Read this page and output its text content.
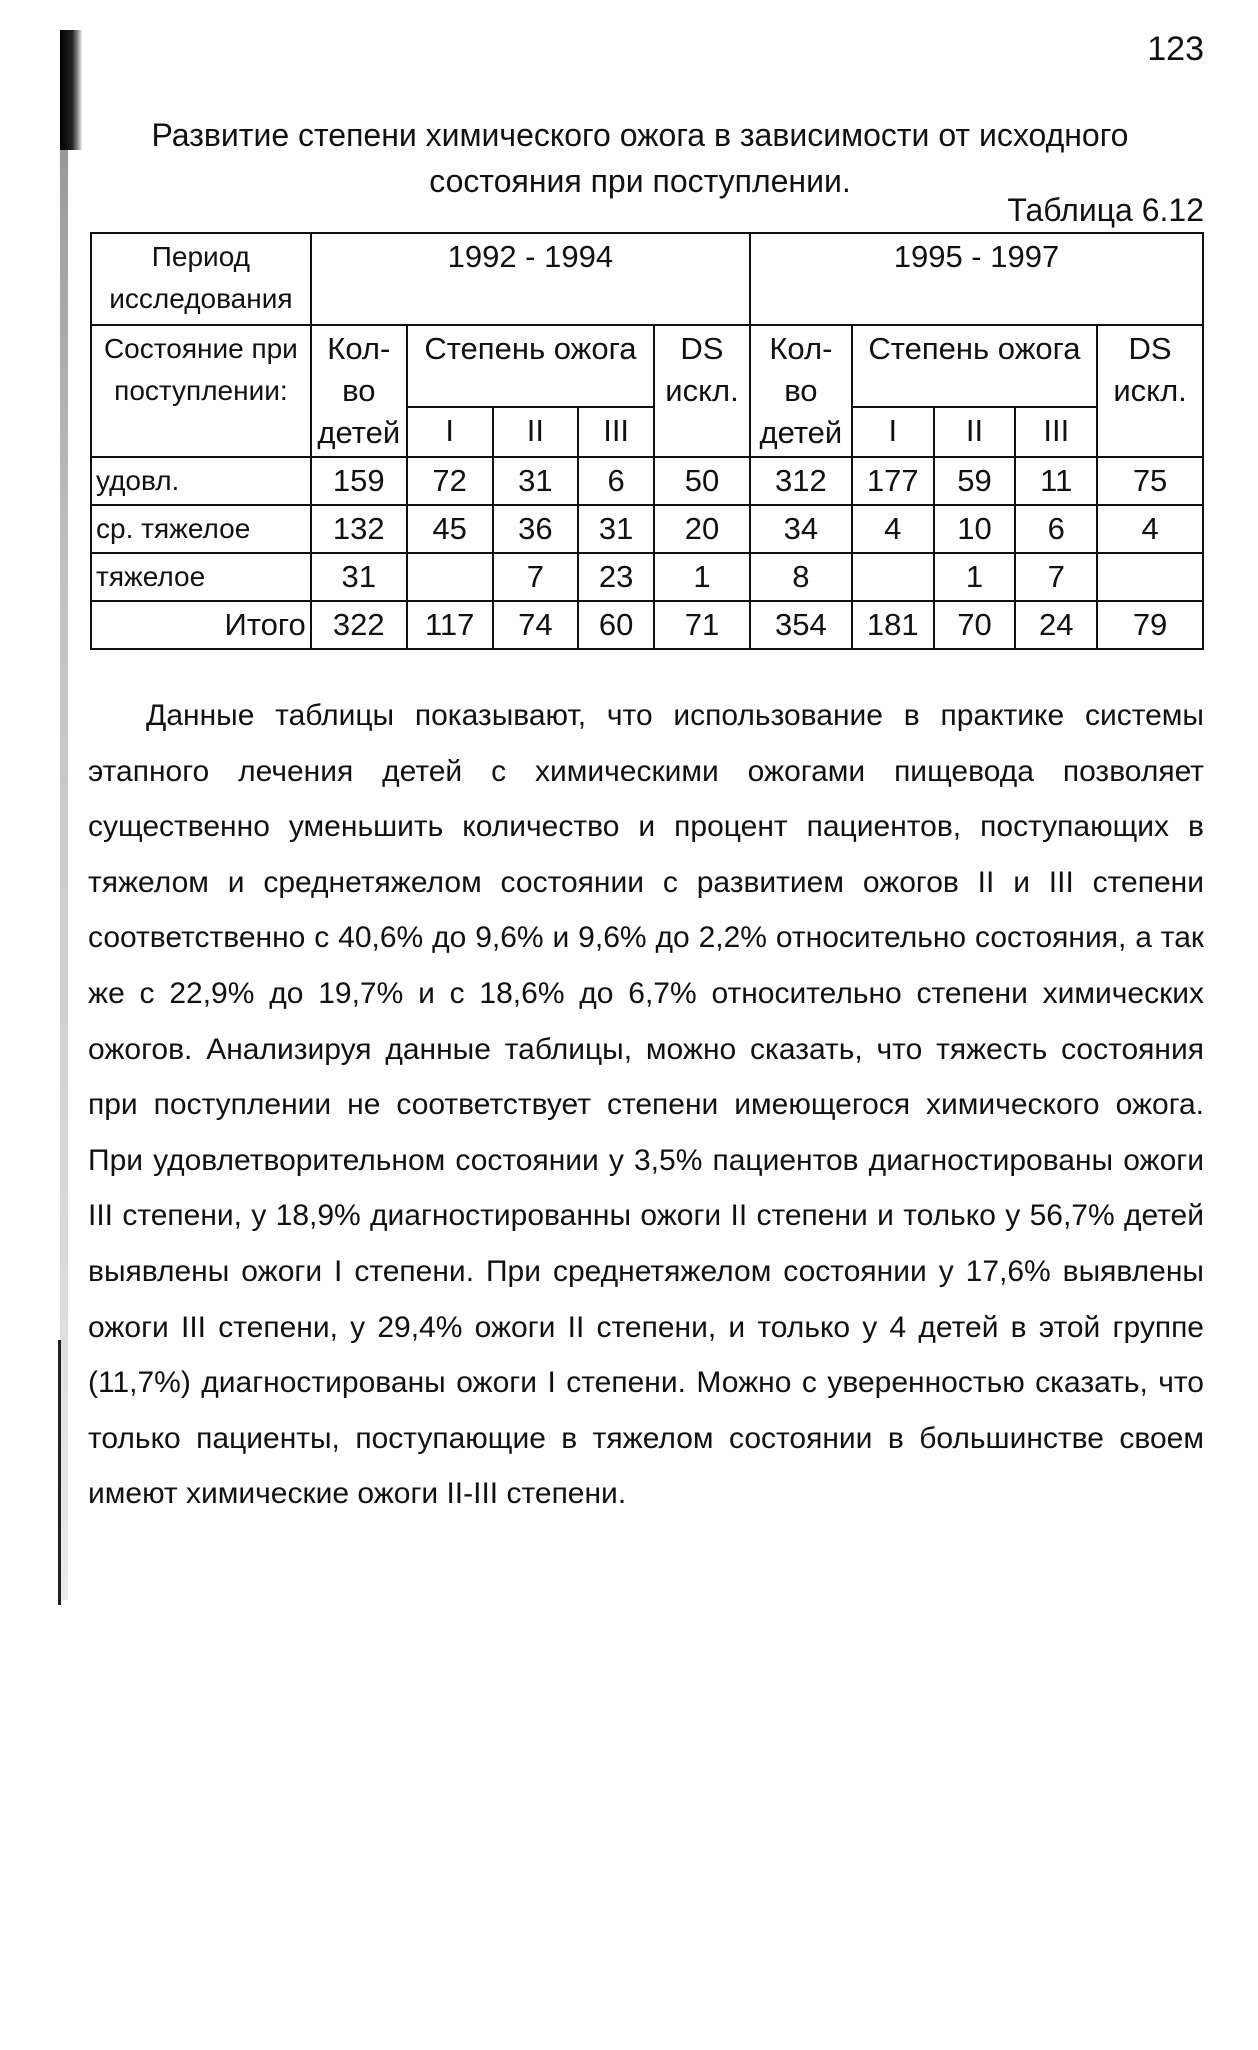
123
Развитие степени химического ожога в зависимости от исходного состояния при поступлении.
Таблица 6.12
Период исследования	1992 - 1994					1995 - 1997				
Состояние при поступлении:	Кол-во детей	Степень ожога			DS искл.	Кол-во детей	Степень ожога			DS искл.
		I	II	III			I	II	III	
удовл.	159	72	31	6	50	312	177	59	11	75
ср. тяжелое	132	45	36	31	20	34	4	10	6	4
тяжелое	31		7	23	1	8		1	7	
Итого	322	117	74	60	71	354	181	70	24	79

Данные таблицы показывают, что использование в практике системы этапного лечения детей с химическими ожогами пищевода позволяет существенно уменьшить количество и процент пациентов, поступающих в тяжелом и среднетяжелом состоянии с развитием ожогов II и III степени соответственно с 40,6% до 9,6% и 9,6% до 2,2% относительно состояния, а так же с 22,9% до 19,7% и с 18,6% до 6,7% относительно степени химических ожогов. Анализируя данные таблицы, можно сказать, что тяжесть состояния при поступлении не соответствует степени имеющегося химического ожога. При удовлетворительном состоянии у 3,5% пациентов диагностированы ожоги III степени, у 18,9% диагностированны ожоги II степени и только у 56,7% детей выявлены ожоги I степени. При среднетяжелом состоянии у 17,6% выявлены ожоги III степени, у 29,4% ожоги II степени, и только у 4 детей в этой группе (11,7%) диагностированы ожоги I степени. Можно с уверенностью сказать, что только пациенты, поступающие в тяжелом состоянии в большинстве своем имеют химические ожоги II-III степени.
